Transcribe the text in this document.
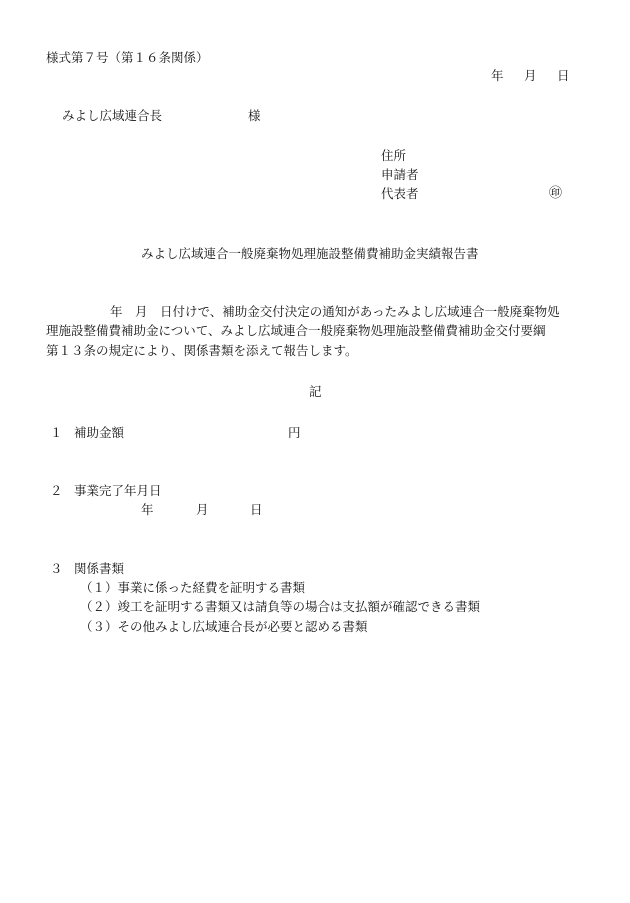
様式第７号（第１６条関係）
年 月 日
みよし広域連合長	様
住所
申請者
代表者	㊞
みよし広域連合一般廃棄物処理施設整備費補助金実績報告書
年 月 日付けで、補助金交付決定の通知があったみよし広域連合一般廃棄物処
理施設整備費補助金について、みよし広域連合一般廃棄物処理施設整備費補助金交付要綱
第１３条の規定により、関係書類を添えて報告します。
記
１ 補助金額	円
２ 事業完了年月日
年	月	日
３ 関係書類
（１）事業に係った経費を証明する書類
（２）竣工を証明する書類又は請負等の場合は支払額が確認できる書類
（３）その他みよし広域連合長が必要と認める書類
